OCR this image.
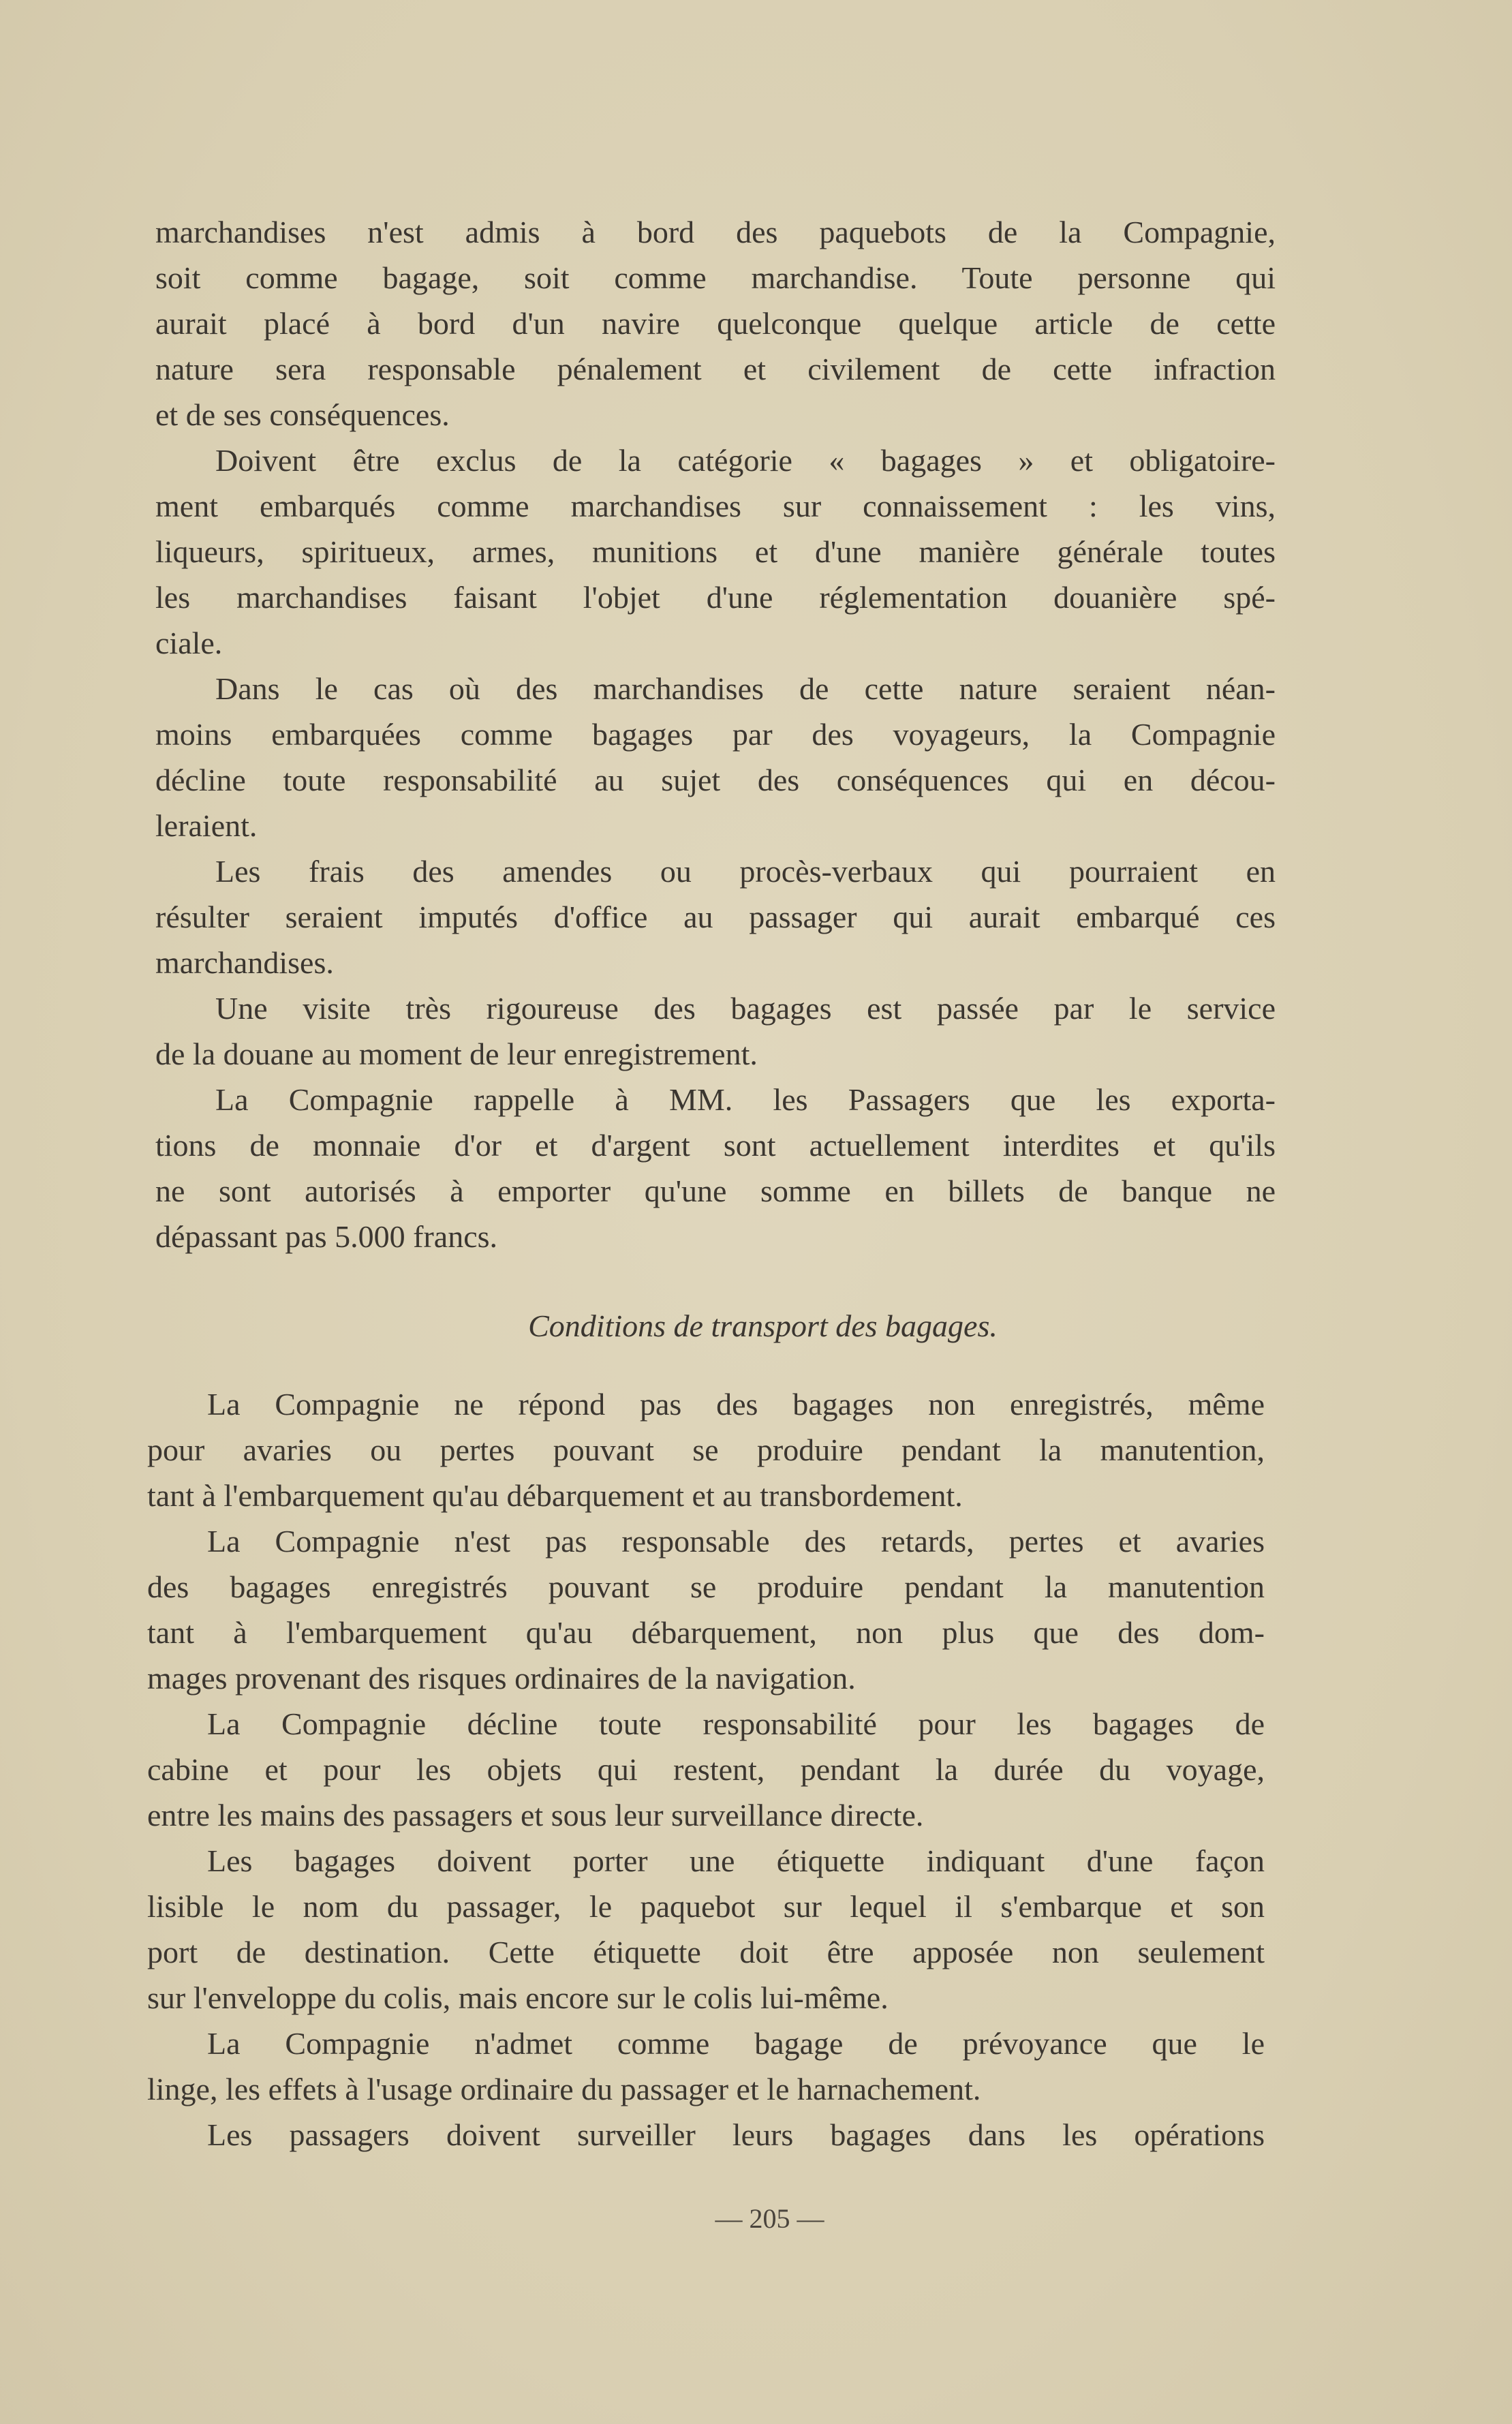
marchandises n'est admis à bord des paquebots de la Compagnie,
soit comme bagage, soit comme marchandise. Toute personne qui
aurait placé à bord d'un navire quelconque quelque article de cette
nature sera responsable pénalement et civilement de cette infraction
et de ses conséquences.
Doivent être exclus de la catégorie « bagages » et obligatoire-
ment embarqués comme marchandises sur connaissement : les vins,
liqueurs, spiritueux, armes, munitions et d'une manière générale toutes
les marchandises faisant l'objet d'une réglementation douanière spé-
ciale.
Dans le cas où des marchandises de cette nature seraient néan-
moins embarquées comme bagages par des voyageurs, la Compagnie
décline toute responsabilité au sujet des conséquences qui en décou-
leraient.
Les frais des amendes ou procès-verbaux qui pourraient en
résulter seraient imputés d'office au passager qui aurait embarqué ces
marchandises.
Une visite très rigoureuse des bagages est passée par le service
de la douane au moment de leur enregistrement.
La Compagnie rappelle à MM. les Passagers que les exporta-
tions de monnaie d'or et d'argent sont actuellement interdites et qu'ils
ne sont autorisés à emporter qu'une somme en billets de banque ne
dépassant pas 5.000 francs.
Conditions de transport des bagages.
La Compagnie ne répond pas des bagages non enregistrés, même
pour avaries ou pertes pouvant se produire pendant la manutention,
tant à l'embarquement qu'au débarquement et au transbordement.
La Compagnie n'est pas responsable des retards, pertes et avaries
des bagages enregistrés pouvant se produire pendant la manutention
tant à l'embarquement qu'au débarquement, non plus que des dom-
mages provenant des risques ordinaires de la navigation.
La Compagnie décline toute responsabilité pour les bagages de
cabine et pour les objets qui restent, pendant la durée du voyage,
entre les mains des passagers et sous leur surveillance directe.
Les bagages doivent porter une étiquette indiquant d'une façon
lisible le nom du passager, le paquebot sur lequel il s'embarque et son
port de destination. Cette étiquette doit être apposée non seulement
sur l'enveloppe du colis, mais encore sur le colis lui-même.
La Compagnie n'admet comme bagage de prévoyance que le
linge, les effets à l'usage ordinaire du passager et le harnachement.
Les passagers doivent surveiller leurs bagages dans les opérations
— 205 —
